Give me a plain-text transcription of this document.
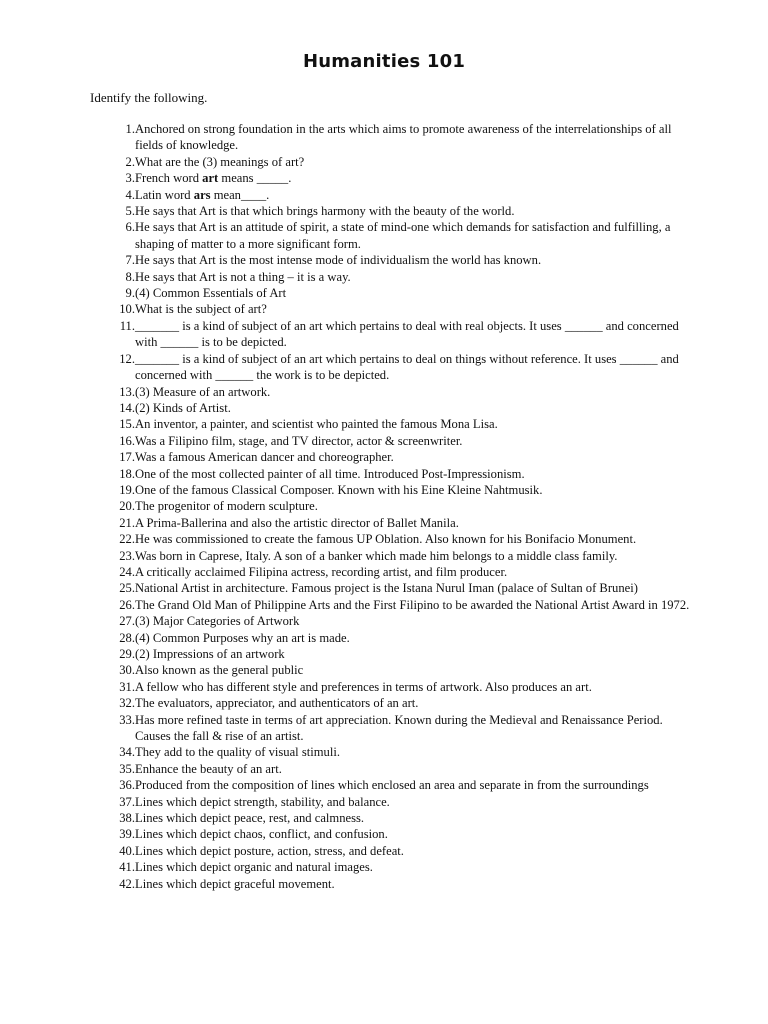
Humanities 101
Identify the following.
1. Anchored on strong foundation in the arts which aims to promote awareness of the interrelationships of all fields of knowledge.
2. What are the (3) meanings of art?
3. French word art means _____.
4. Latin word ars mean____.
5. He says that Art is that which brings harmony with the beauty of the world.
6. He says that Art is an attitude of spirit, a state of mind-one which demands for satisfaction and fulfilling, a shaping of matter to a more significant form.
7. He says that Art is the most intense mode of individualism the world has known.
8. He says that Art is not a thing – it is a way.
9. (4) Common Essentials of Art
10. What is the subject of art?
11. _______ is a kind of subject of an art which pertains to deal with real objects. It uses ______ and concerned with ______ is to be depicted.
12. _______ is a kind of subject of an art which pertains to deal on things without reference. It uses ______ and concerned with ______ the work is to be depicted.
13. (3) Measure of an artwork.
14. (2) Kinds of Artist.
15. An inventor, a painter, and scientist who painted the famous Mona Lisa.
16. Was a Filipino film, stage, and TV director, actor & screenwriter.
17. Was a famous American dancer and choreographer.
18. One of the most collected painter of all time. Introduced Post-Impressionism.
19. One of the famous Classical Composer. Known with his Eine Kleine Nahtmusik.
20. The progenitor of modern sculpture.
21. A Prima-Ballerina and also the artistic director of Ballet Manila.
22. He was commissioned to create the famous UP Oblation. Also known for his Bonifacio Monument.
23. Was born in Caprese, Italy. A son of a banker which made him belongs to a middle class family.
24. A critically acclaimed Filipina actress, recording artist, and film producer.
25. National Artist in architecture. Famous project is the Istana Nurul Iman (palace of Sultan of Brunei)
26. The Grand Old Man of Philippine Arts and the First Filipino to be awarded the National Artist Award in 1972.
27. (3) Major Categories of Artwork
28. (4) Common Purposes why an art is made.
29. (2) Impressions of an artwork
30. Also known as the general public
31. A fellow who has different style and preferences in terms of artwork. Also produces an art.
32. The evaluators, appreciator, and authenticators of an art.
33. Has more refined taste in terms of art appreciation. Known during the Medieval and Renaissance Period. Causes the fall & rise of an artist.
34. They add to the quality of visual stimuli.
35. Enhance the beauty of an art.
36. Produced from the composition of lines which enclosed an area and separate in from the surroundings
37. Lines which depict strength, stability, and balance.
38. Lines which depict peace, rest, and calmness.
39. Lines which depict chaos, conflict, and confusion.
40. Lines which depict posture, action, stress, and defeat.
41. Lines which depict organic and natural images.
42. Lines which depict graceful movement.
